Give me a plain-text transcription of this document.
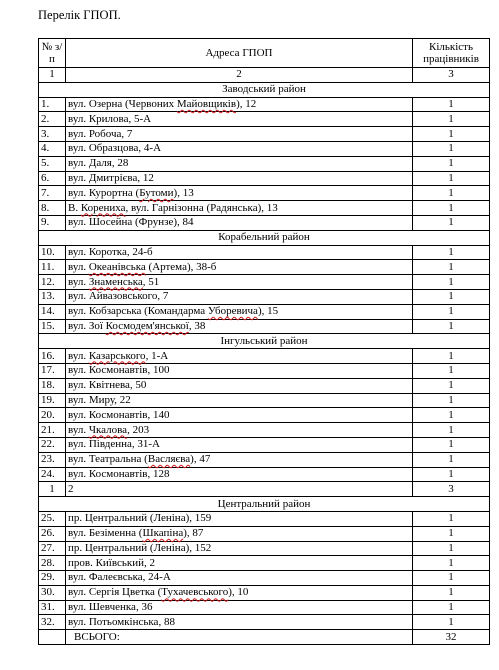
Перелік ГПОП.
№ з/п	Адреса ГПОП	Кількість працівників
1	2	3
Заводський район		
1.	вул. Озерна (Червоних Майовщиків), 12	1
2.	вул. Крилова, 5-А	1
3.	вул. Робоча, 7	1
4.	вул. Образцова, 4-А	1
5.	вул. Даля, 28	1
6.	вул. Дмитрієва, 12	1
7.	вул. Курортна (Бутоми), 13	1
8.	В. Корениха, вул. Гарнізонна (Радянська), 13	1
9.	вул. Шосейна (Фрунзе), 84	1
Корабельний район		
10.	вул. Коротка, 24-б	1
11.	вул. Океанівська (Артема), 38-б	1
12.	вул. Знаменська, 51	1
13.	вул. Айвазовського, 7	1
14.	вул. Кобзарська (Командарма Уборевича), 15	1
15.	вул. Зої Космодем'янської, 38	1
Інгульський район		
16.	вул. Казарського, 1-А	1
17.	вул. Космонавтів, 100	1
18.	вул. Квітнева, 50	1
19.	вул. Миру, 22	1
20.	вул. Космонавтів, 140	1
21.	вул. Чкалова, 203	1
22.	вул. Південна, 31-А	1
23.	вул. Театральна (Васляєва), 47	1
24.	вул. Космонавтів, 128	1
1	2	3
Центральний район		
25.	пр. Центральний (Леніна), 159	1
26.	вул. Безіменна (Шкапіна), 87	1
27.	пр. Центральний (Леніна), 152	1
28.	пров. Київський, 2	1
29.	вул. Фалеєвська, 24-А	1
30.	вул. Сергія Цветка (Тухачевського), 10	1
31.	вул. Шевченка, 36	1
32.	вул. Потьомкінська, 88	1
	ВСЬОГО:	32
